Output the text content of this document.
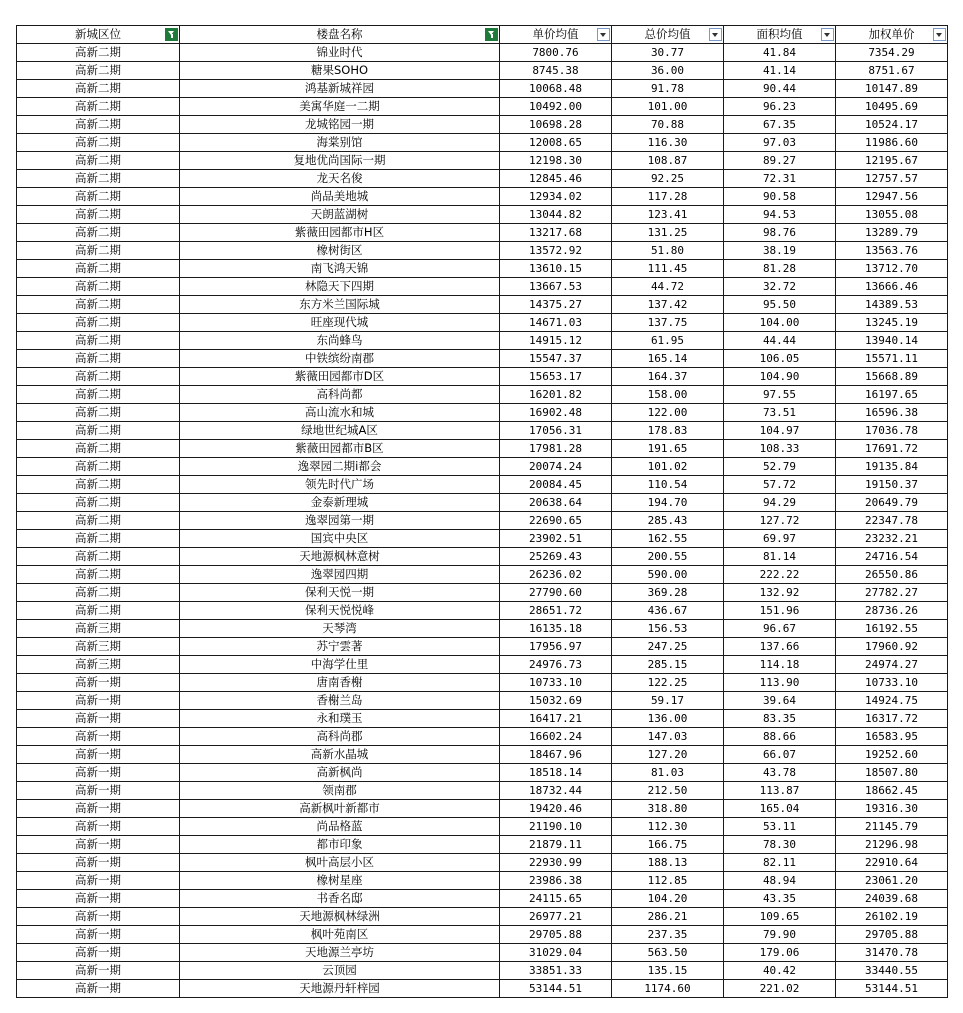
新城区位	楼盘名称	单价均值	总价均值	面积均值	加权单价

高新二期	锦业时代	7800.76	30.77	41.84	7354.29
高新二期	糖果SOHO	8745.38	36.00	41.14	8751.67
高新二期	鸿基新城祥园	10068.48	91.78	90.44	10147.89
高新二期	美寓华庭一二期	10492.00	101.00	96.23	10495.69
高新二期	龙城铭园一期	10698.28	70.88	67.35	10524.17
高新二期	海棠别馆	12008.65	116.30	97.03	11986.60
高新二期	复地优尚国际一期	12198.30	108.87	89.27	12195.67
高新二期	龙天名俊	12845.46	92.25	72.31	12757.57
高新二期	尚品美地城	12934.02	117.28	90.58	12947.56
高新二期	天朗蓝湖树	13044.82	123.41	94.53	13055.08
高新二期	紫薇田园都市H区	13217.68	131.25	98.76	13289.79
高新二期	橡树街区	13572.92	51.80	38.19	13563.76
高新二期	南飞鸿天锦	13610.15	111.45	81.28	13712.70
高新二期	林隐天下四期	13667.53	44.72	32.72	13666.46
高新二期	东方米兰国际城	14375.27	137.42	95.50	14389.53
高新二期	旺座现代城	14671.03	137.75	104.00	13245.19
高新二期	东尚蜂鸟	14915.12	61.95	44.44	13940.14
高新二期	中铁缤纷南郡	15547.37	165.14	106.05	15571.11
高新二期	紫薇田园都市D区	15653.17	164.37	104.90	15668.89
高新二期	高科尚都	16201.82	158.00	97.55	16197.65
高新二期	高山流水和城	16902.48	122.00	73.51	16596.38
高新二期	绿地世纪城A区	17056.31	178.83	104.97	17036.78
高新二期	紫薇田园都市B区	17981.28	191.65	108.33	17691.72
高新二期	逸翠园二期i都会	20074.24	101.02	52.79	19135.84
高新二期	领先时代广场	20084.45	110.54	57.72	19150.37
高新二期	金泰新理城	20638.64	194.70	94.29	20649.79
高新二期	逸翠园第一期	22690.65	285.43	127.72	22347.78
高新二期	国宾中央区	23902.51	162.55	69.97	23232.21
高新二期	天地源枫林意树	25269.43	200.55	81.14	24716.54
高新二期	逸翠园四期	26236.02	590.00	222.22	26550.86
高新二期	保利天悦一期	27790.60	369.28	132.92	27782.27
高新二期	保利天悦悦峰	28651.72	436.67	151.96	28736.26
高新三期	天琴湾	16135.18	156.53	96.67	16192.55
高新三期	苏宁雲著	17956.97	247.25	137.66	17960.92
高新三期	中海学仕里	24976.73	285.15	114.18	24974.27
高新一期	唐南香榭	10733.10	122.25	113.90	10733.10
高新一期	香榭兰岛	15032.69	59.17	39.64	14924.75
高新一期	永和璞玉	16417.21	136.00	83.35	16317.72
高新一期	高科尚郡	16602.24	147.03	88.66	16583.95
高新一期	高新水晶城	18467.96	127.20	66.07	19252.60
高新一期	高新枫尚	18518.14	81.03	43.78	18507.80
高新一期	领南郡	18732.44	212.50	113.87	18662.45
高新一期	高新枫叶新都市	19420.46	318.80	165.04	19316.30
高新一期	尚品格蓝	21190.10	112.30	53.11	21145.79
高新一期	都市印象	21879.11	166.75	78.30	21296.98
高新一期	枫叶高层小区	22930.99	188.13	82.11	22910.64
高新一期	橡树星座	23986.38	112.85	48.94	23061.20
高新一期	书香名邸	24115.65	104.20	43.35	24039.68
高新一期	天地源枫林绿洲	26977.21	286.21	109.65	26102.19
高新一期	枫叶苑南区	29705.88	237.35	79.90	29705.88
高新一期	天地源兰亭坊	31029.04	563.50	179.06	31470.78
高新一期	云顶园	33851.33	135.15	40.42	33440.55
高新一期	天地源丹轩梓园	53144.51	1174.60	221.02	53144.51
